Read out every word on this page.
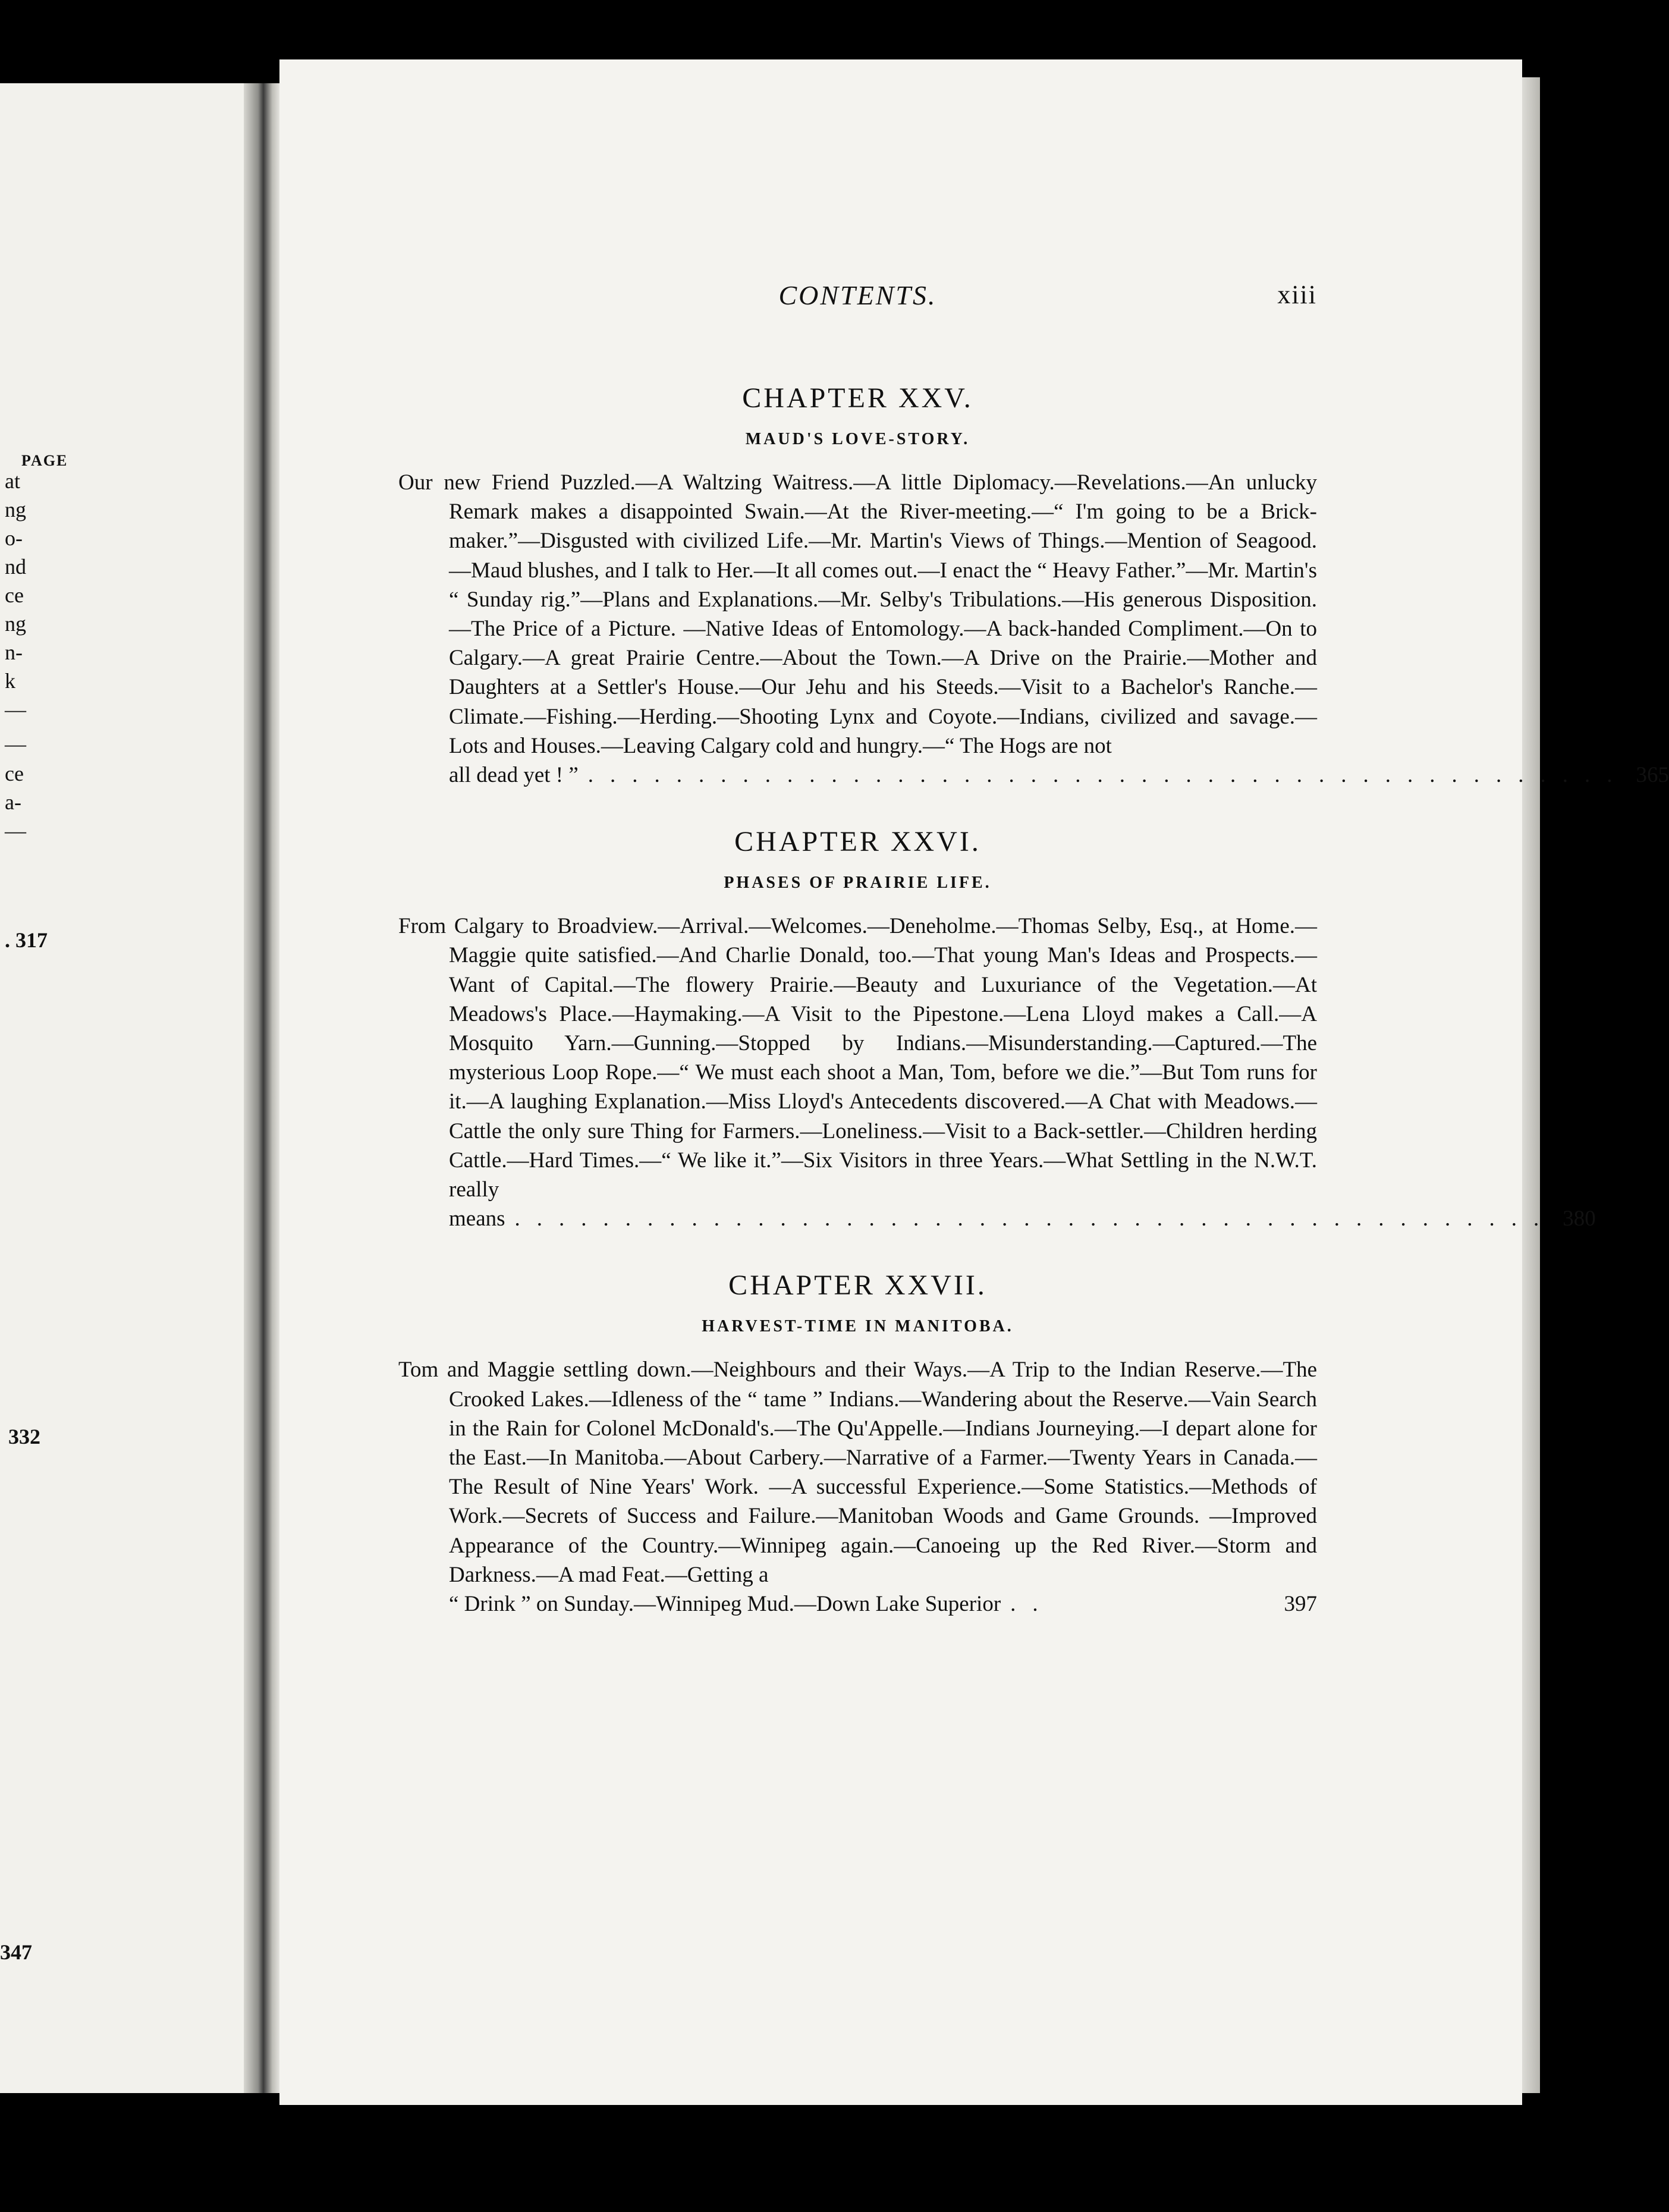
PAGE
at
ng
o-
nd
ce
ng
n-
k
—
—
ce
a-
—
. 317
332
347
CONTENTS.	xiii
CHAPTER XXV.
MAUD'S LOVE-STORY.
Our new Friend Puzzled.—A Waltzing Waitress.—A little Diplomacy.—Revelations.—An unlucky Remark makes a disappointed Swain.—At the River-meeting.—“ I'm going to be a Brick-maker.”—Disgusted with civilized Life.—Mr. Martin's Views of Things.—Mention of Seagood.—Maud blushes, and I talk to Her.—It all comes out.—I enact the “ Heavy Father.”—Mr. Martin's “ Sunday rig.”—Plans and Explanations.—Mr. Selby's Tribulations.—His generous Disposition.—The Price of a Picture. —Native Ideas of Entomology.—A back-handed Compliment.—On to Calgary.—A great Prairie Centre.—About the Town.—A Drive on the Prairie.—Mother and Daughters at a Settler's House.—Our Jehu and his Steeds.—Visit to a Bachelor's Ranche.—Climate.—Fishing.—Herding.—Shooting Lynx and Coyote.—Indians, civilized and savage.—Lots and Houses.—Leaving Calgary cold and hungry.—“ The Hogs are not
all dead yet ! ” ............................................... 365
CHAPTER XXVI.
PHASES OF PRAIRIE LIFE.
From Calgary to Broadview.—Arrival.—Welcomes.—Deneholme.—Thomas Selby, Esq., at Home.—Maggie quite satisfied.—And Charlie Donald, too.—That young Man's Ideas and Prospects.—Want of Capital.—The flowery Prairie.—Beauty and Luxuriance of the Vegetation.—At Meadows's Place.—Haymaking.—A Visit to the Pipestone.—Lena Lloyd makes a Call.—A Mosquito Yarn.—Gunning.—Stopped by Indians.—Misunderstanding.—Captured.—The mysterious Loop Rope.—“ We must each shoot a Man, Tom, before we die.”—But Tom runs for it.—A laughing Explanation.—Miss Lloyd's Antecedents discovered.—A Chat with Meadows.—Cattle the only sure Thing for Farmers.—Loneliness.—Visit to a Back-settler.—Children herding Cattle.—Hard Times.—“ We like it.”—Six Visitors in three Years.—What Settling in the N.W.T. really
means ............................................... 380
CHAPTER XXVII.
HARVEST-TIME IN MANITOBA.
Tom and Maggie settling down.—Neighbours and their Ways.—A Trip to the Indian Reserve.—The Crooked Lakes.—Idleness of the “ tame ” Indians.—Wandering about the Reserve.—Vain Search in the Rain for Colonel McDonald's.—The Qu'Appelle.—Indians Journeying.—I depart alone for the East.—In Manitoba.—About Carbery.—Narrative of a Farmer.—Twenty Years in Canada.—The Result of Nine Years' Work. —A successful Experience.—Some Statistics.—Methods of Work.—Secrets of Success and Failure.—Manitoban Woods and Game Grounds. —Improved Appearance of the Country.—Winnipeg again.—Canoeing up the Red River.—Storm and Darkness.—A mad Feat.—Getting a
“ Drink ” on Sunday.—Winnipeg Mud.—Down Lake Superior ..	397
